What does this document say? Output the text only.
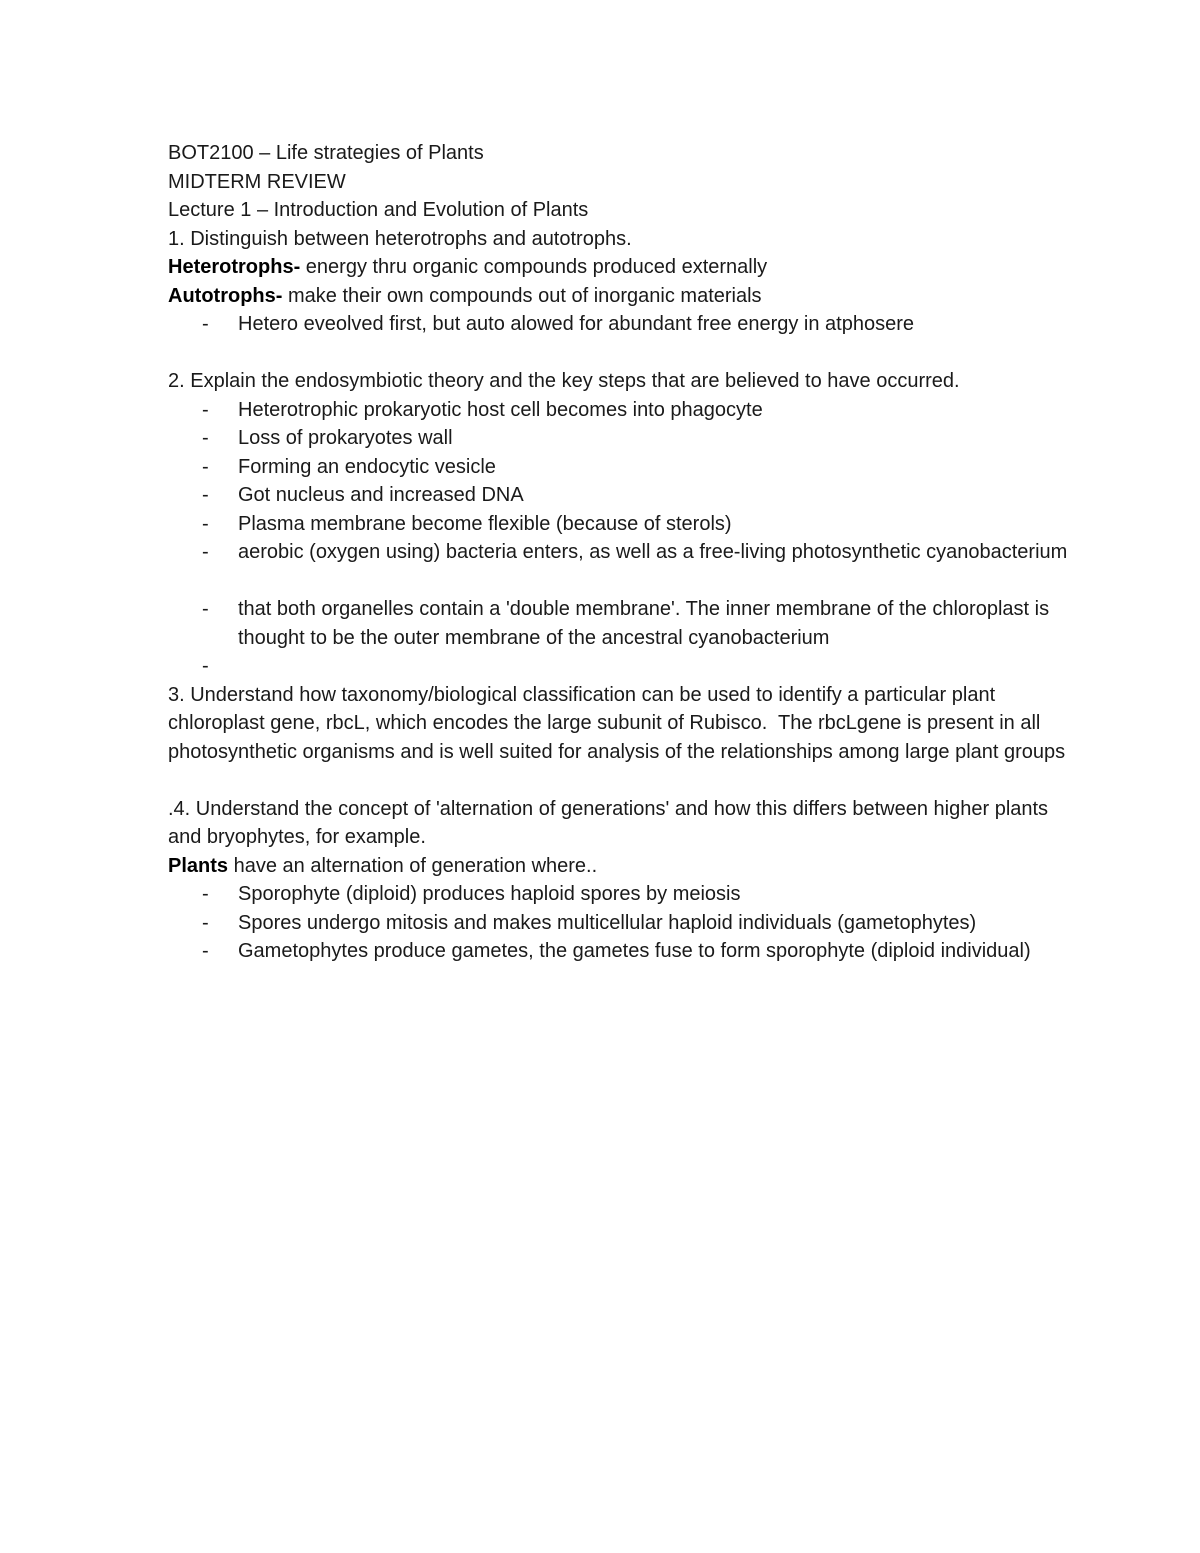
BOT2100 – Life strategies of Plants
MIDTERM REVIEW
Lecture 1 – Introduction and Evolution of Plants
1. Distinguish between heterotrophs and autotrophs.
Heterotrophs- energy thru organic compounds produced externally
Autotrophs- make their own compounds out of inorganic materials
- Hetero eveolved first, but auto alowed for abundant free energy in atphosere
2. Explain the endosymbiotic theory and the key steps that are believed to have occurred.
- Heterotrophic prokaryotic host cell becomes into phagocyte
- Loss of prokaryotes wall
- Forming an endocytic vesicle
- Got nucleus and increased DNA
- Plasma membrane become flexible (because of sterols)
- aerobic (oxygen using) bacteria enters, as well as a free-living photosynthetic cyanobacterium
- that both organelles contain a 'double membrane'. The inner membrane of the chloroplast is thought to be the outer membrane of the ancestral cyanobacterium
-
3. Understand how taxonomy/biological classification can be used to identify a particular plant
chloroplast gene, rbcL, which encodes the large subunit of Rubisco.  The rbcLgene is present in all photosynthetic organisms and is well suited for analysis of the relationships among large plant groups
.4. Understand the concept of 'alternation of generations' and how this differs between higher plants and bryophytes, for example.
Plants have an alternation of generation where..
- Sporophyte (diploid) produces haploid spores by meiosis
- Spores undergo mitosis and makes multicellular haploid individuals (gametophytes)
- Gametophytes produce gametes, the gametes fuse to form sporophyte (diploid individual)
